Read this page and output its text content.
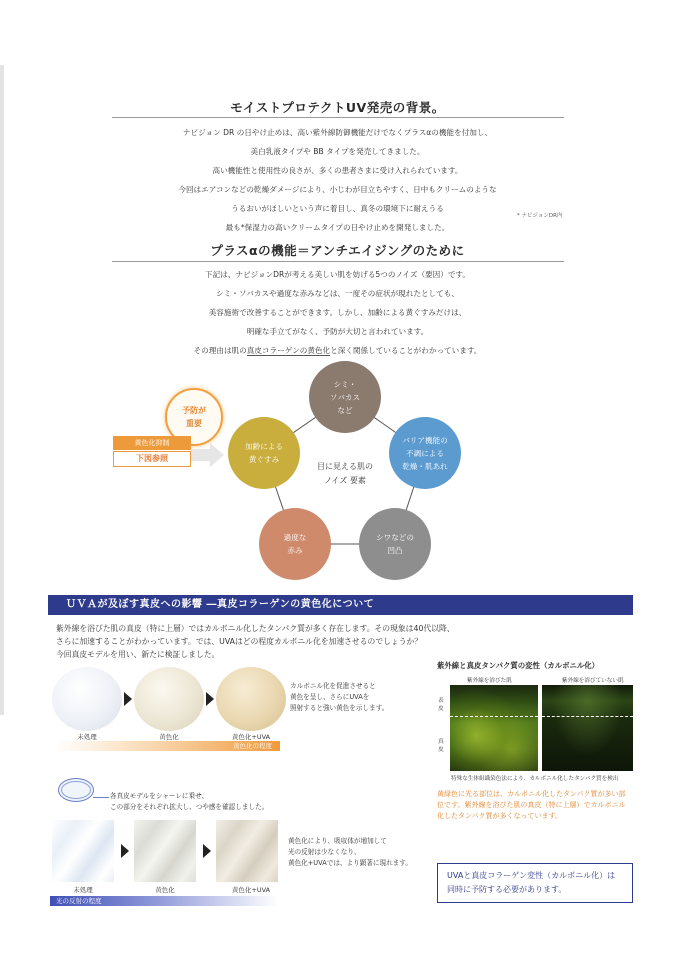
モイストプロテクトUV発売の背景。
ナビジョン DR の日やけ止めは、高い紫外線防御機能だけでなくプラスαの機能を付加し、
美白乳液タイプや BB タイプを発売してきました。
高い機能性と使用性の良さが、多くの患者さまに受け入れられています。
今回はエアコンなどの乾燥ダメージにより、小じわが目立ちやすく、日中もクリームのような
うるおいがほしいという声に着目し、真冬の環境下に耐えうる
最も*保湿力の高いクリームタイプの日やけ止めを開発しました。
* ナビジョンDR内
プラスαの機能＝アンチエイジングのために
下記は、ナビジョンDRが考える美しい肌を妨げる5つのノイズ（要因）です。
シミ・ソバカスや過度な赤みなどは、一度その症状が現れたとしても、
美容施術で改善することができます。しかし、加齢による黄ぐすみだけは、
明確な手立てがなく、予防が大切と言われています。
その理由は肌の真皮コラーゲンの黄色化と深く関係していることがわかっています。
シミ・
ソバカス
など
バリア機能の
不調による
乾燥・肌あれ
シワなどの
凹凸
過度な
赤み
加齢による
黄ぐすみ
目に見える肌の
ノイズ 要素
予防が
重要
黄色化抑制
下図参照
ＵＶＡが及ぼす真皮への影響 ―真皮コラーゲンの黄色化について
紫外線を浴びた肌の真皮（特に上層）ではカルボニル化したタンパク質が多く存在します。その現象は40代以降、
さらに加速することがわかっています。では、UVAはどの程度カルボニル化を加速させるのでしょうか？
今回真皮モデルを用い、新たに検証しました。
未処理	黄色化	黄色化+UVA
黄色化の程度
カルボニル化を促進させると
黄色を呈し、さらにUVAを
照射すると強い黄色を示します。
各真皮モデルをシャーレに乗せ、
この部分をそれぞれ拡大し、つや感を確認しました。
未処理	黄色化	黄色化+UVA
光の反射の程度
黄色化により、吸収体が増加して
光の反射は少なくなり、
黄色化+UVAでは、より顕著に現れます。
紫外線と真皮タンパク質の変性（カルボニル化）
紫外線を浴びた肌	紫外線を浴びていない肌
表皮
真皮
特殊な生体組織染色法により、カルボニル化したタンパク質を検出
黄緑色に光る部位は、カルボニル化したタンパク質が多い部
位です。紫外線を浴びた肌の真皮（特に上層）でカルボニル
化したタンパク質が多くなっています。
UVAと真皮コラーゲン変性（カルボニル化）は
同時に予防する必要があります。
